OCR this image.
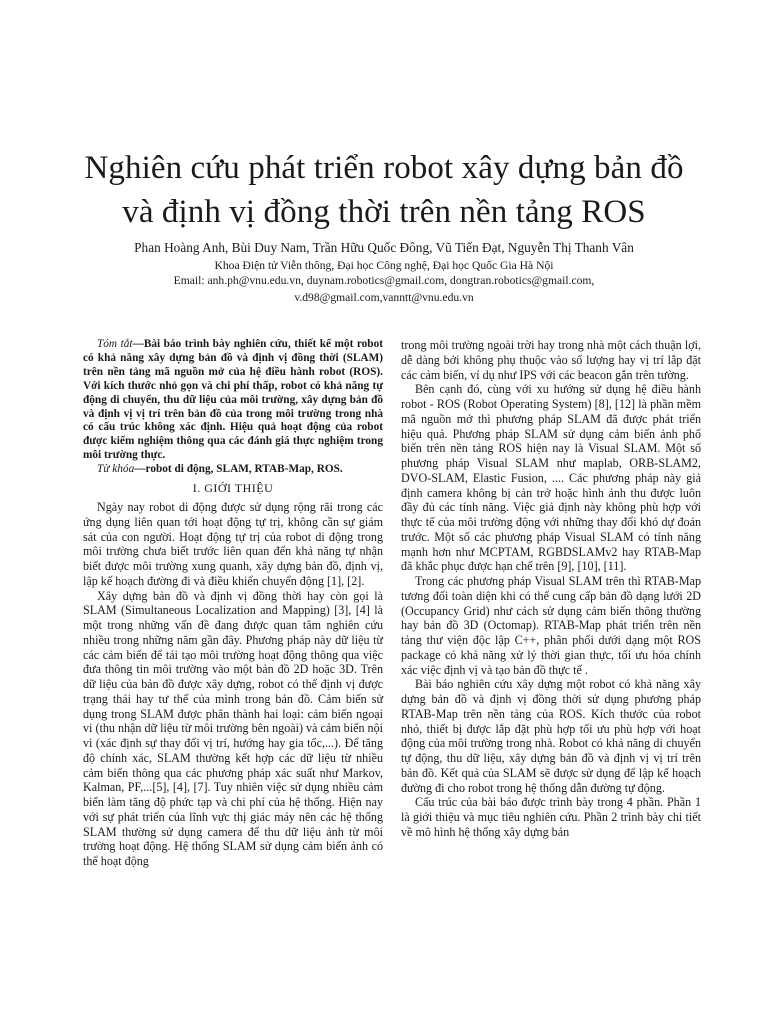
Nghiên cứu phát triển robot xây dựng bản đồ
và định vị đồng thời trên nền tảng ROS
Phan Hoàng Anh, Bùi Duy Nam, Trần Hữu Quốc Đông, Vũ Tiến Đạt, Nguyễn Thị Thanh Vân
Khoa Điện tử Viễn thông, Đại học Công nghệ, Đại học Quốc Gia Hà Nội
Email: anh.ph@vnu.edu.vn, duynam.robotics@gmail.com, dongtran.robotics@gmail.com,
v.d98@gmail.com,vanntt@vnu.edu.vn

Tóm tắt—Bài báo trình bày nghiên cứu, thiết kế một robot có khả năng xây dựng bản đồ và định vị đồng thời (SLAM) trên nền tảng mã nguồn mở của hệ điều hành robot (ROS). Với kích thước nhỏ gọn và chi phí thấp, robot có khả năng tự động di chuyển, thu dữ liệu của môi trường, xây dựng bản đồ và định vị vị trí trên bản đồ của trong môi trường trong nhà có cấu trúc không xác định. Hiệu quả hoạt động của robot được kiểm nghiệm thông qua các đánh giá thực nghiệm trong môi trường thực.

Từ khóa—robot di động, SLAM, RTAB-Map, ROS.

I. GIỚI THIỆU

Ngày nay robot di động được sử dụng rộng rãi trong các ứng dụng liên quan tới hoạt động tự trị, không cần sự giám sát của con người. Hoạt động tự trị của robot di động trong môi trường chưa biết trước liên quan đến khả năng tự nhận biết được môi trường xung quanh, xây dựng bản đồ, định vị, lập kế hoạch đường đi và điều khiển chuyển động [1], [2].

Xây dựng bản đồ và định vị đồng thời hay còn gọi là SLAM (Simultaneous Localization and Mapping) [3], [4] là một trong những vấn đề đang được quan tâm nghiên cứu nhiều trong những năm gần đây. Phương pháp này dữ liệu từ các cảm biến để tái tạo môi trường hoạt động thông qua việc đưa thông tin môi trường vào một bản đồ 2D hoặc 3D. Trên dữ liệu của bản đồ được xây dựng, robot có thể định vị được trạng thái hay tư thế của mình trong bản đồ. Cảm biến sử dụng trong SLAM được phân thành hai loại: cảm biến ngoại vi (thu nhận dữ liệu từ môi trường bên ngoài) và cảm biến nội vi (xác định sự thay đổi vị trí, hướng hay gia tốc,...). Để tăng độ chính xác, SLAM thường kết hợp các dữ liệu từ nhiều cảm biến thông qua các phương pháp xác suất như Markov, Kalman, PF,...[5], [4], [7]. Tuy nhiên việc sử dụng nhiều cảm biến làm tăng độ phức tạp và chi phí của hệ thống. Hiện nay với sự phát triển của lĩnh vực thị giác máy nên các hệ thống SLAM thường sử dụng camera để thu dữ liệu ảnh từ môi trường hoạt động. Hệ thống SLAM sử dụng cảm biến ảnh có thể hoạt động

trong môi trường ngoài trời hay trong nhà một cách thuận lợi, dễ dàng bởi không phụ thuộc vào số lượng hay vị trí lắp đặt các cảm biến, ví dụ như IPS với các beacon gắn trên tường.

Bên cạnh đó, cùng với xu hướng sử dụng hệ điều hành robot - ROS (Robot Operating System) [8], [12] là phần mềm mã nguồn mở thì phương pháp SLAM đã được phát triển hiệu quả. Phương pháp SLAM sử dụng cảm biến ảnh phổ biến trên nền tảng ROS hiện nay là Visual SLAM. Một số phương pháp Visual SLAM như maplab, ORB-SLAM2, DVO-SLAM, Elastic Fusion, .... Các phương pháp này giả định camera không bị cản trở hoặc hình ảnh thu được luôn đầy đủ các tính năng. Việc giả định này không phù hợp với thực tế của môi trường động với những thay đổi khó dự đoán trước. Một số các phương pháp Visual SLAM có tính năng mạnh hơn như MCPTAM, RGBDSLAMv2 hay RTAB-Map đã khắc phục được hạn chế trên [9], [10], [11].

Trong các phương pháp Visual SLAM trên thì RTAB-Map tương đối toàn diện khi có thể cung cấp bản đồ dạng lưới 2D (Occupancy Grid) như cách sử dụng cảm biến thông thường hay bản đồ 3D (Octomap). RTAB-Map phát triển trên nền tảng thư viện độc lập C++, phân phối dưới dạng một ROS package có khả năng xử lý thời gian thực, tối ưu hóa chính xác việc định vị và tạo bản đồ thực tế .

Bài báo nghiên cứu xây dựng một robot có khả năng xây dựng bản đồ và định vị đồng thời sử dụng phương pháp RTAB-Map trên nền tảng của ROS. Kích thước của robot nhỏ, thiết bị được lắp đặt phù hợp tối ưu phù hợp với hoạt động của môi trường trong nhà. Robot có khả năng di chuyển tự động, thu dữ liệu, xây dựng bản đồ và định vị vị trí trên bản đồ. Kết quả của SLAM sẽ được sử dụng để lập kế hoạch đường đi cho robot trong hệ thống dẫn đường tự động.

Cấu trúc của bài báo được trình bày trong 4 phần. Phần 1 là giới thiệu và mục tiêu nghiên cứu. Phần 2 trình bày chi tiết về mô hình hệ thống xây dựng bản
